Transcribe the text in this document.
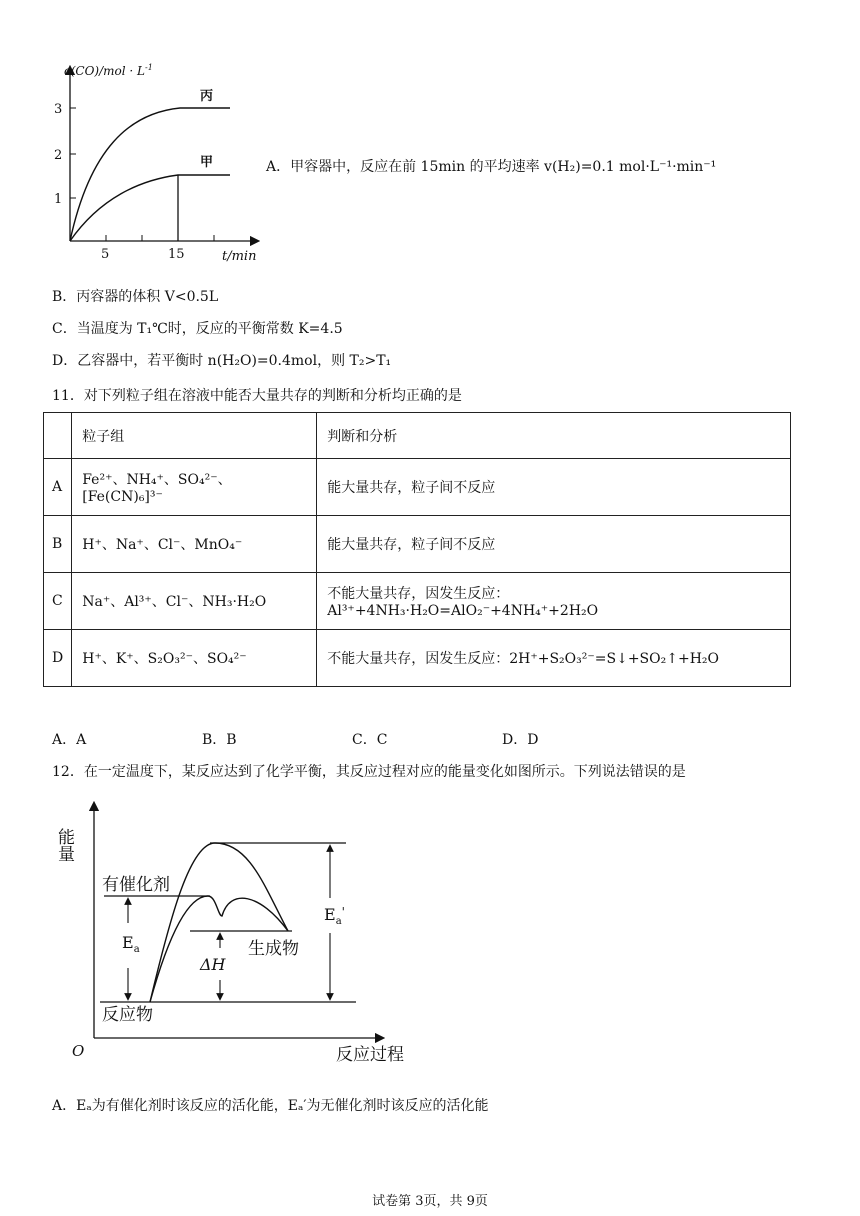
$c(CO)/mol \cdot L^{-1}$
3
2
1
5	15	t/min
丙
甲	A．甲容器中，反应在前 15min 的平均速率 v(H₂)=0.1 mol·L⁻¹·min⁻¹
B．丙容器的体积 V<0.5L
C．当温度为 T₁℃时，反应的平衡常数 K=4.5
D．乙容器中，若平衡时 n(H₂O)=0.4mol，则 T₂>T₁
11．对下列粒子组在溶液中能否大量共存的判断和分析均正确的是
	粒子组	判断和分析
A	Fe²⁺、NH₄⁺、SO₄²⁻、[Fe(CN)₆]³⁻	能大量共存，粒子间不反应
B	H⁺、Na⁺、Cl⁻、MnO₄⁻	能大量共存，粒子间不反应
C	Na⁺、Al³⁺、Cl⁻、NH₃·H₂O	不能大量共存，因发生反应：Al³⁺+4NH₃·H₂O=AlO₂⁻+4NH₄⁺+2H₂O
D	H⁺、K⁺、S₂O₃²⁻、SO₄²⁻	不能大量共存，因发生反应：2H⁺+S₂O₃²⁻=S↓+SO₂↑+H₂O
A．A	B．B	C．C	D．D
12．在一定温度下，某反应达到了化学平衡，其反应过程对应的能量变化如图所示。下列说法错误的是
能量
有催化剂
生成物
反应物
O	反应过程
$E_a$
ΔH
$E_a'$
A．Eₐ为有催化剂时该反应的活化能，Eₐ′为无催化剂时该反应的活化能
试卷第 3页，共 9页
